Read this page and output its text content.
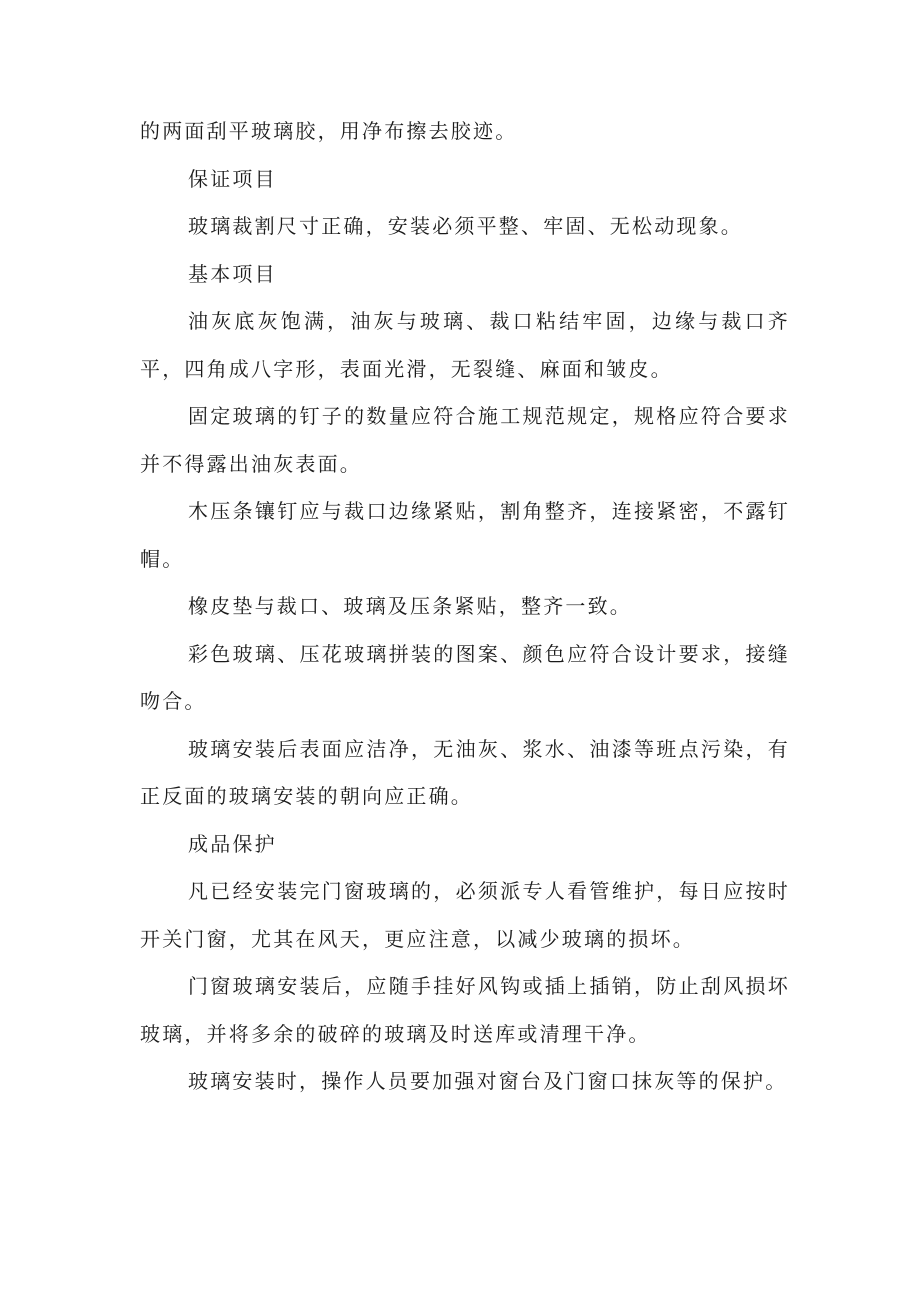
的两面刮平玻璃胶，用净布擦去胶迹。

保证项目

玻璃裁割尺寸正确，安装必须平整、牢固、无松动现象。

基本项目

油灰底灰饱满，油灰与玻璃、裁口粘结牢固，边缘与裁口齐平，四角成八字形，表面光滑，无裂缝、麻面和皱皮。

固定玻璃的钉子的数量应符合施工规范规定，规格应符合要求并不得露出油灰表面。

木压条镶钉应与裁口边缘紧贴，割角整齐，连接紧密，不露钉帽。

橡皮垫与裁口、玻璃及压条紧贴，整齐一致。

彩色玻璃、压花玻璃拼装的图案、颜色应符合设计要求，接缝吻合。

玻璃安装后表面应洁净，无油灰、浆水、油漆等班点污染，有正反面的玻璃安装的朝向应正确。

成品保护

凡已经安装完门窗玻璃的，必须派专人看管维护，每日应按时开关门窗，尤其在风天，更应注意，以减少玻璃的损坏。

门窗玻璃安装后，应随手挂好风钩或插上插销，防止刮风损坏玻璃，并将多余的破碎的玻璃及时送库或清理干净。

玻璃安装时，操作人员要加强对窗台及门窗口抹灰等的保护。
